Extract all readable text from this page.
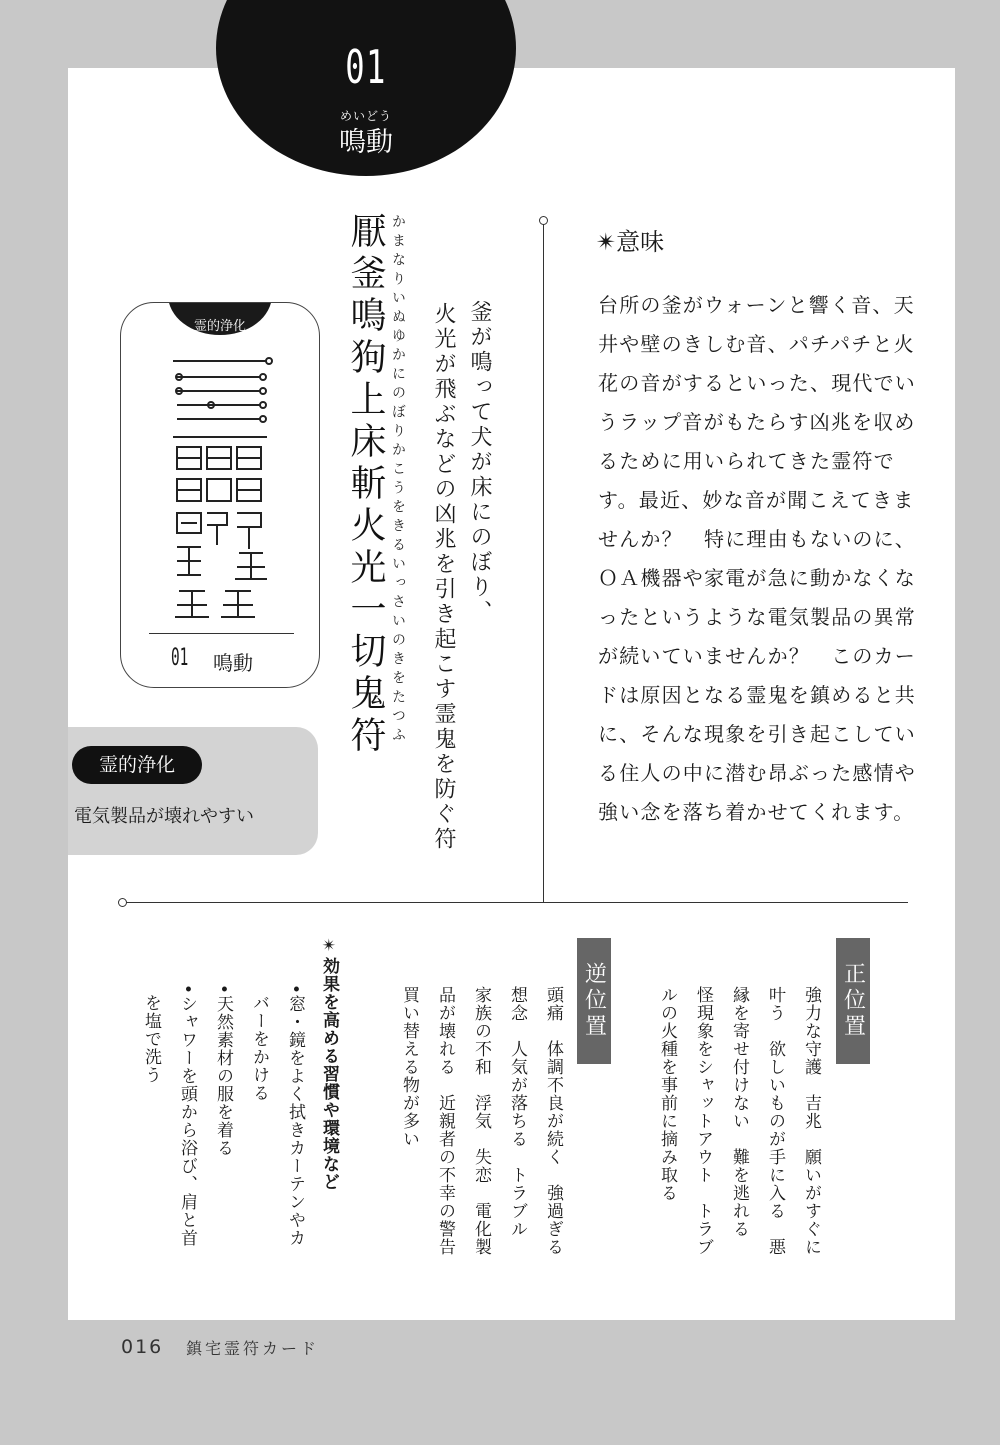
01
めいどう
鳴動
霊的浄化
01 鳴動
霊的浄化
電気製品が壊れやすい
厭釜鳴狗上床斬火光一切鬼符 かまなりいぬゆかにのぼりかこうをきるいっさいのきをたつふ	釜が鳴って犬が床にのぼり、
火光が飛ぶなどの凶兆を引き起こす霊鬼を防ぐ符
✴意味
台所の釜がウォーンと響く音、天井や壁のきしむ音、パチパチと火花の音がするといった、現代でいうラップ音がもたらす凶兆を収めるために用いられてきた霊符です。最近、妙な音が聞こえてきませんか？　特に理由もないのに、ＯＡ機器や家電が急に動かなくなったというような電気製品の異常が続いていませんか？　このカードは原因となる霊鬼を鎮めると共に、そんな現象を引き起こしている住人の中に潜む昂ぶった感情や強い念を落ち着かせてくれます。
正位置
強力な守護　吉兆　願いがすぐに
叶う　欲しいものが手に入る　悪
縁を寄せ付けない　難を逃れる
怪現象をシャットアウト　トラブ
ルの火種を事前に摘み取る
逆位置
頭痛　体調不良が続く　強過ぎる
想念　人気が落ちる　トラブル
家族の不和　浮気　失恋　電化製
品が壊れる　近親者の不幸の警告
買い替える物が多い
✴効果を高める習慣や環境など
•窓・鏡をよく拭きカーテンやカ
バーをかける
•天然素材の服を着る
•シャワーを頭から浴び、肩と首
を塩で洗う
016 鎮宅霊符カード
